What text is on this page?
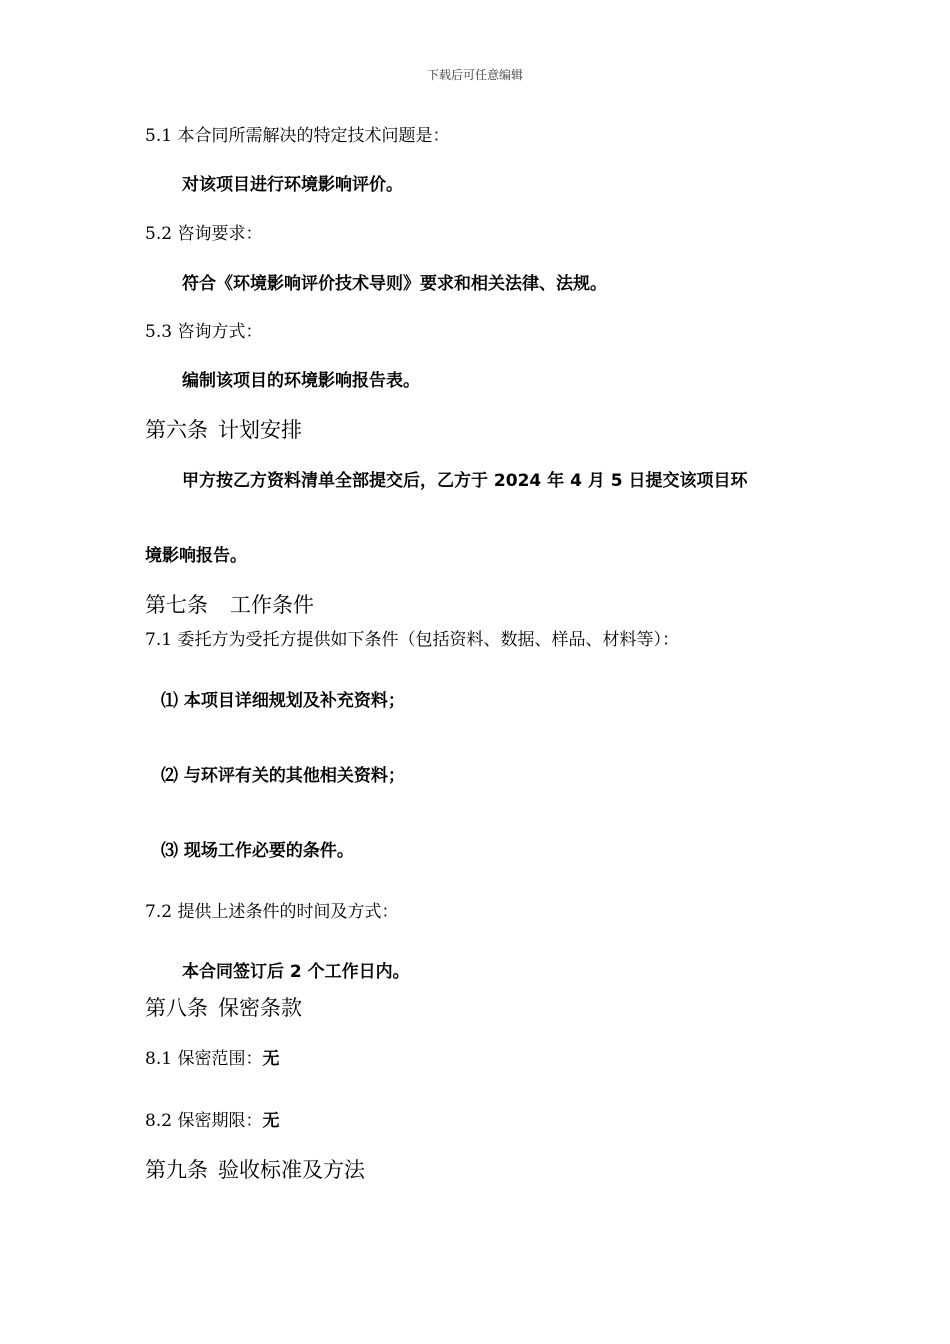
下载后可任意编辑
5.1 本合同所需解决的特定技术问题是：
对该项目进行环境影响评价。
5.2 咨询要求：
符合《环境影响评价技术导则》要求和相关法律、法规。
5.3 咨询方式：
编制该项目的环境影响报告表。
第六条 计划安排
甲方按乙方资料清单全部提交后，乙方于 2024 年 4 月 5 日提交该项目环
境影响报告。
第七条 工作条件
7.1 委托方为受托方提供如下条件（包括资料、数据、样品、材料等）：
⑴ 本项目详细规划及补充资料；
⑵ 与环评有关的其他相关资料；
⑶ 现场工作必要的条件。
7.2 提供上述条件的时间及方式：
本合同签订后 2 个工作日内。
第八条 保密条款
8.1 保密范围：无
8.2 保密期限：无
第九条 验收标准及方法
